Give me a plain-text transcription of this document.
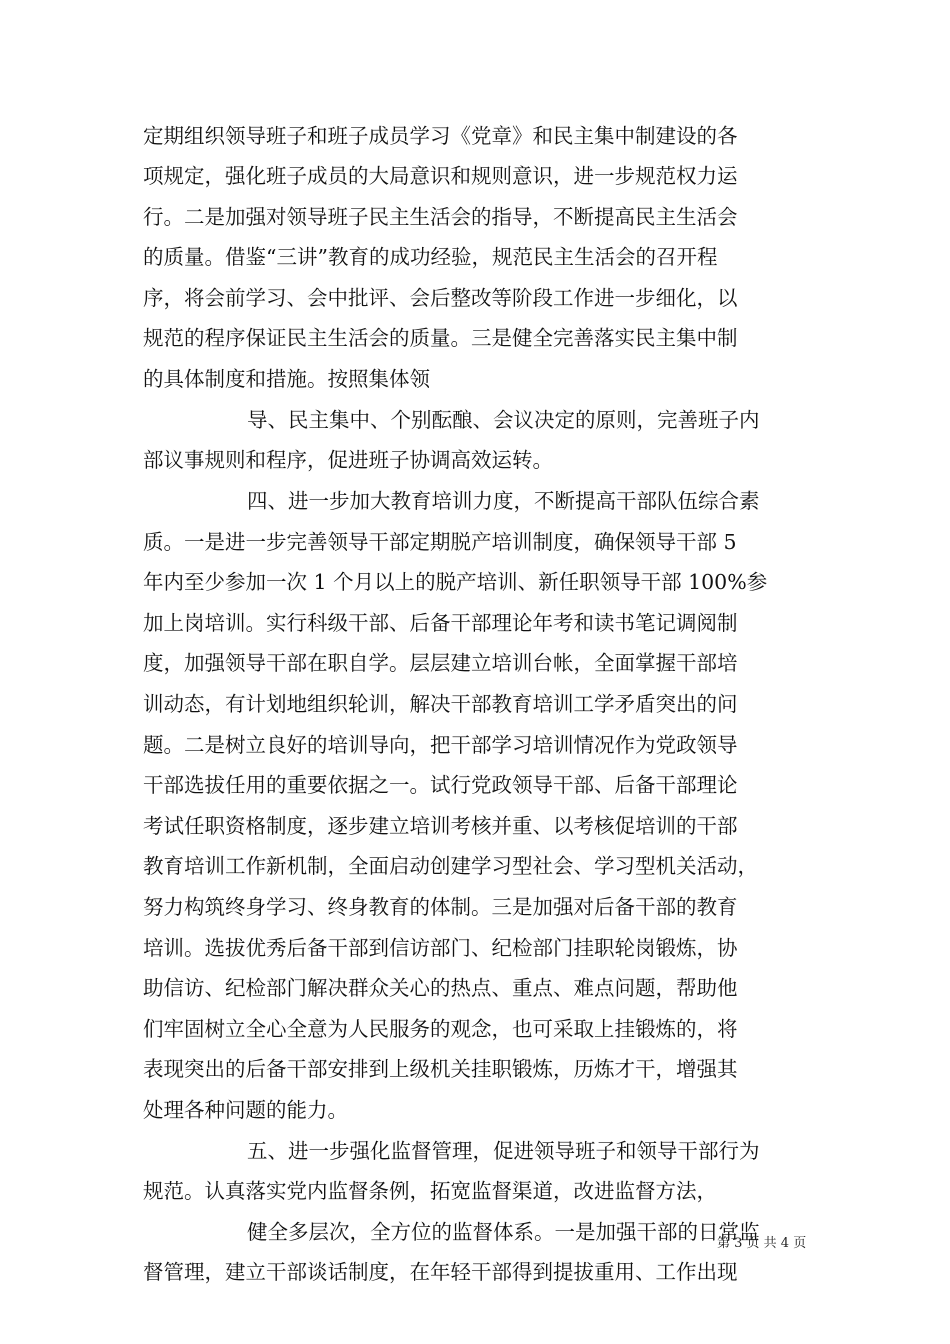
定期组织领导班子和班子成员学习《党章》和民主集中制建设的各
项规定，强化班子成员的大局意识和规则意识，进一步规范权力运
行。二是加强对领导班子民主生活会的指导，不断提高民主生活会
的质量。借鉴“三讲”教育的成功经验，规范民主生活会的召开程
序，将会前学习、会中批评、会后整改等阶段工作进一步细化，以
规范的程序保证民主生活会的质量。三是健全完善落实民主集中制
的具体制度和措施。按照集体领
导、民主集中、个别酝酿、会议决定的原则，完善班子内
部议事规则和程序，促进班子协调高效运转。
四、进一步加大教育培训力度，不断提高干部队伍综合素
质。一是进一步完善领导干部定期脱产培训制度，确保领导干部 5
年内至少参加一次 1 个月以上的脱产培训、新任职领导干部 100%参
加上岗培训。实行科级干部、后备干部理论年考和读书笔记调阅制
度，加强领导干部在职自学。层层建立培训台帐，全面掌握干部培
训动态，有计划地组织轮训，解决干部教育培训工学矛盾突出的问
题。二是树立良好的培训导向，把干部学习培训情况作为党政领导
干部选拔任用的重要依据之一。试行党政领导干部、后备干部理论
考试任职资格制度，逐步建立培训考核并重、以考核促培训的干部
教育培训工作新机制，全面启动创建学习型社会、学习型机关活动，
努力构筑终身学习、终身教育的体制。三是加强对后备干部的教育
培训。选拔优秀后备干部到信访部门、纪检部门挂职轮岗锻炼，协
助信访、纪检部门解决群众关心的热点、重点、难点问题，帮助他
们牢固树立全心全意为人民服务的观念，也可采取上挂锻炼的，将
表现突出的后备干部安排到上级机关挂职锻炼，历炼才干，增强其
处理各种问题的能力。
五、进一步强化监督管理，促进领导班子和领导干部行为
规范。认真落实党内监督条例，拓宽监督渠道，改进监督方法，
健全多层次，全方位的监督体系。一是加强干部的日常监
督管理，建立干部谈话制度，在年轻干部得到提拔重用、工作出现
第 3 页 共 4 页
